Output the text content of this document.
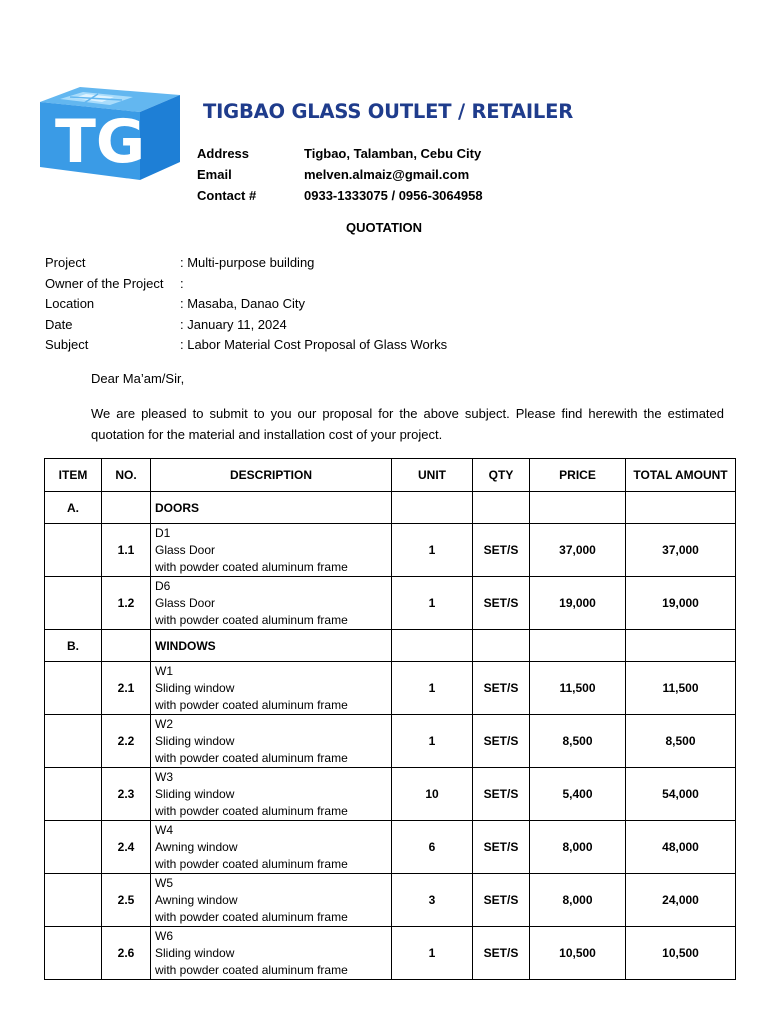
TG	TIGBAO GLASS OUTLET / RETAILER
Address	Tigbao, Talamban, Cebu City
Email	melven.almaiz@gmail.com
Contact #	0933-1333075 / 0956-3064958
QUOTATION
Project	: Multi-purpose building
Owner of the Project :
Location	: Masaba, Danao City
Date	: January 11, 2024
Subject	: Labor Material Cost Proposal of Glass Works
Dear Ma’am/Sir,
We are pleased to submit to you our proposal for the above subject. Please find herewith the estimated quotation for the material and installation cost of your project.
ITEM	NO.	DESCRIPTION	UNIT	QTY	PRICE	TOTAL AMOUNT
A.		DOORS				
	1.1	D1
Glass Door
with powder coated aluminum frame	1	SET/S	37,000	37,000
	1.2	D6
Glass Door
with powder coated aluminum frame	1	SET/S	19,000	19,000
B.		WINDOWS				
	2.1	W1
Sliding window
with powder coated aluminum frame	1	SET/S	11,500	11,500
	2.2	W2
Sliding window
with powder coated aluminum frame	1	SET/S	8,500	8,500
	2.3	W3
Sliding window
with powder coated aluminum frame	10	SET/S	5,400	54,000
	2.4	W4
Awning window
with powder coated aluminum frame	6	SET/S	8,000	48,000
	2.5	W5
Awning window
with powder coated aluminum frame	3	SET/S	8,000	24,000
	2.6	W6
Sliding window
with powder coated aluminum frame	1	SET/S	10,500	10,500
